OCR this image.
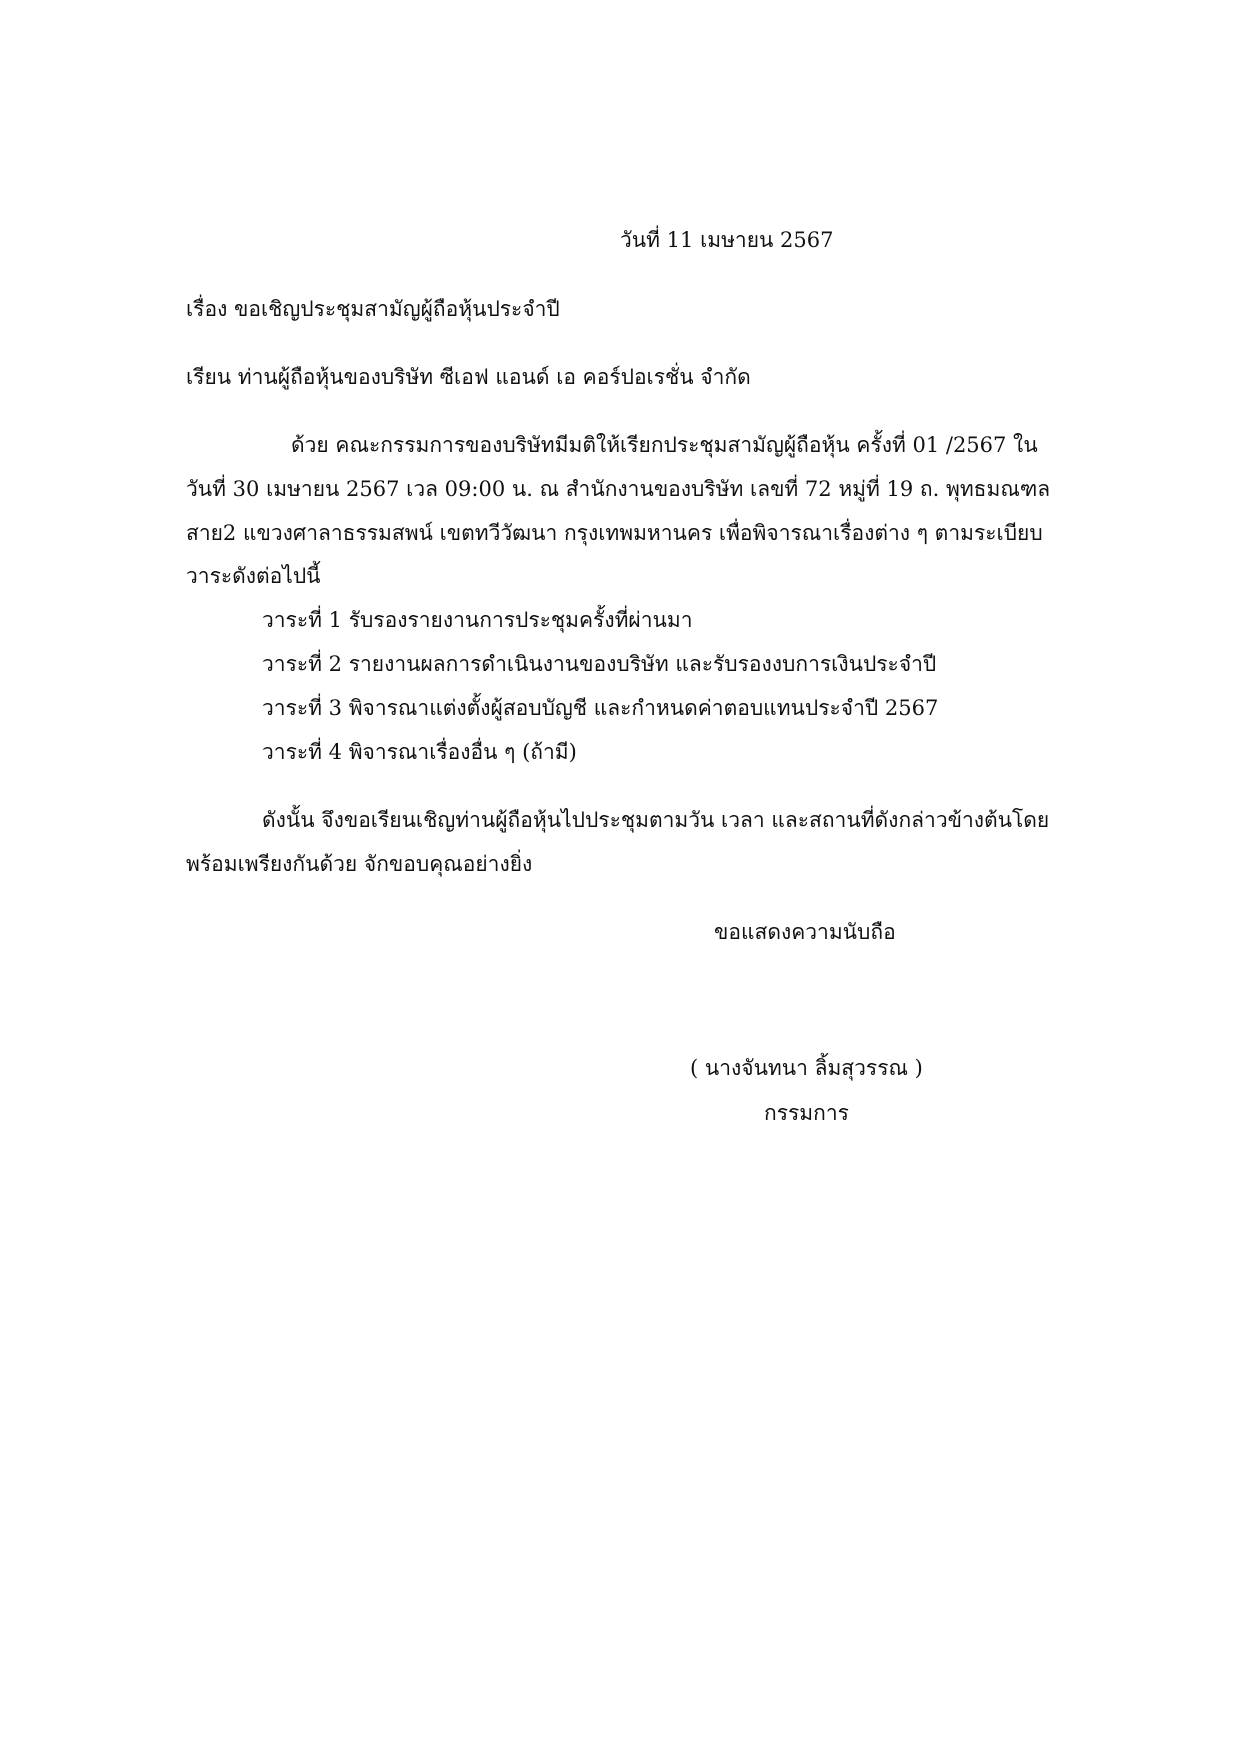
วันที่ 11 เมษายน 2567
เรื่อง ขอเชิญประชุมสามัญผู้ถือหุ้นประจำปี
เรียน ท่านผู้ถือหุ้นของบริษัท ซีเอฟ แอนด์ เอ คอร์ปอเรชั่น จำกัด
ด้วย คณะกรรมการของบริษัทมีมติให้เรียกประชุมสามัญผู้ถือหุ้น ครั้งที่ 01 /2567 ใน
วันที่ 30 เมษายน 2567 เวล 09:00 น. ณ สำนักงานของบริษัท เลขที่ 72 หมู่ที่ 19 ถ. พุทธมณฑล
สาย2 แขวงศาลาธรรมสพน์ เขตทวีวัฒนา กรุงเทพมหานคร เพื่อพิจารณาเรื่องต่าง ๆ ตามระเบียบ
วาระดังต่อไปนี้
วาระที่ 1 รับรองรายงานการประชุมครั้งที่ผ่านมา
วาระที่ 2 รายงานผลการดำเนินงานของบริษัท และรับรองงบการเงินประจำปี
วาระที่ 3 พิจารณาแต่งตั้งผู้สอบบัญชี และกำหนดค่าตอบแทนประจำปี 2567
วาระที่ 4 พิจารณาเรื่องอื่น ๆ (ถ้ามี)
ดังนั้น จึงขอเรียนเชิญท่านผู้ถือหุ้นไปประชุมตามวัน เวลา และสถานที่ดังกล่าวข้างต้นโดย
พร้อมเพรียงกันด้วย จักขอบคุณอย่างยิ่ง
ขอแสดงความนับถือ
( นางจันทนา ลิ้มสุวรรณ )
กรรมการ
